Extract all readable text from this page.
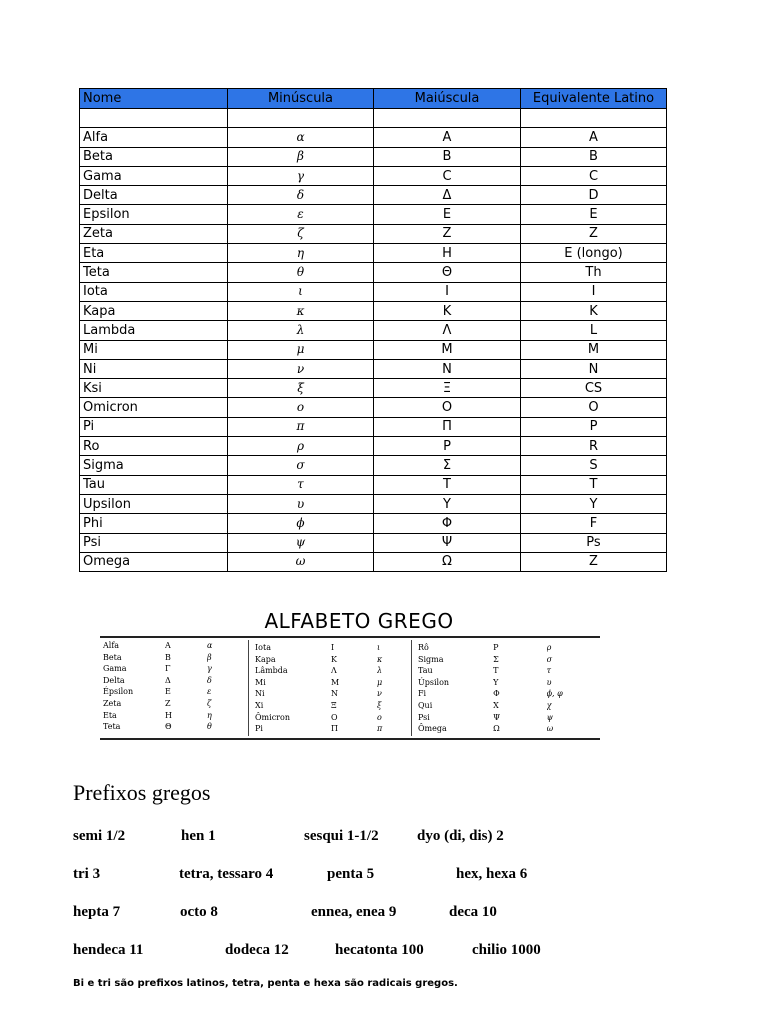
Nome	Minúscula	Maiúscula	Equivalente Latino

Alfa	α	A	A
Beta	β	B	B
Gama	γ	C	C
Delta	δ	Δ	D
Epsilon	ε	E	E
Zeta	ζ	Z	Z
Eta	η	H	E (longo)
Teta	θ	Θ	Th
Iota	ι	I	I
Kapa	κ	K	K
Lambda	λ	Λ	L
Mi	μ	M	M
Ni	ν	N	N
Ksi	ξ	Ξ	CS
Omicron	o	O	O
Pi	π	Π	P
Ro	ρ	P	R
Sigma	σ	Σ	S
Tau	τ	T	T
Upsilon	υ	Y	Y
Phi	ϕ	Φ	F
Psi	ψ	Ψ	Ps
Omega	ω	Ω	Z
ALFABETO GREGO
Alfa	A	α
Beta	B	β
Gama	Γ	γ
Delta	Δ	δ
Épsilon	E	ε
Zeta	Z	ζ
Eta	H	η
Teta	Θ	θ
Iota	I	ι
Kapa	K	κ
Lâmbda	Λ	λ
Mi	M	μ
Ni	N	ν
Xi	Ξ	ξ
Ômicron	O	ο
Pi	Π	π
Rô	P	ρ
Sigma	Σ	σ
Tau	T	τ
Úpsilon	Y	υ
Fi	Φ	ϕ, φ
Qui	X	χ
Psi	Ψ	ψ
Ômega	Ω	ω
Prefixos gregos
semi 1/2	hen 1	sesqui 1-1/2	dyo (di, dis) 2
tri 3	tetra, tessaro 4	penta 5	hex, hexa 6
hepta 7	octo 8	ennea, enea 9	deca 10
hendeca 11	dodeca 12	hecatonta 100	chilio 1000

Bi e tri são prefixos latinos, tetra, penta e hexa são radicais gregos.
